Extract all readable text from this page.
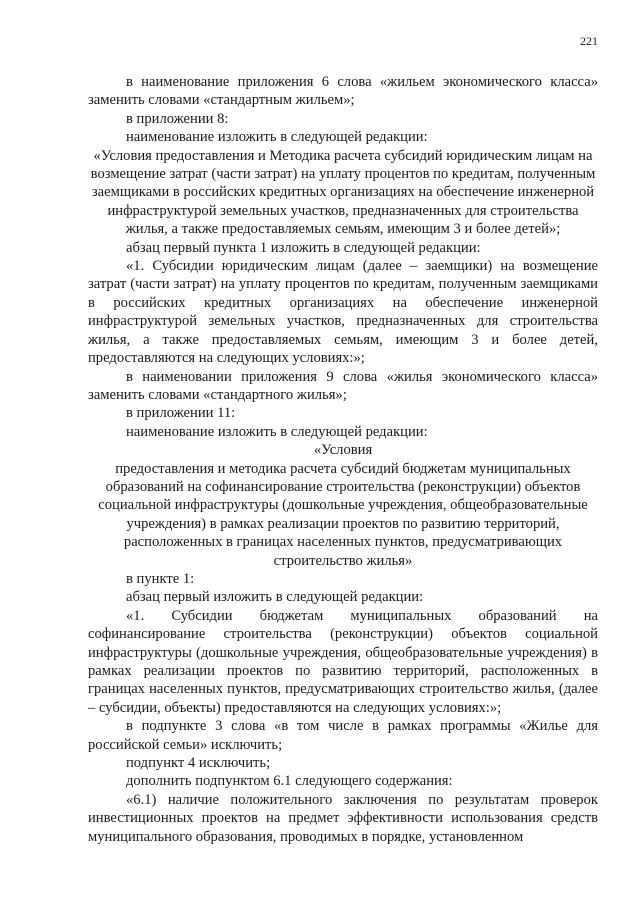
221

в наименование приложения 6 слова «жильем экономического класса» заменить словами «стандартным жильем»;

в приложении 8:

наименование изложить в следующей редакции:

«Условия предоставления и Методика расчета субсидий юридическим лицам на возмещение затрат (части затрат) на уплату процентов по кредитам, полученным заемщиками в российских кредитных организациях на обеспечение инженерной инфраструктурой земельных участков, предназначенных для строительства жилья, а также предоставляемых семьям, имеющим 3 и более детей»;

абзац первый пункта 1 изложить в следующей редакции:

«1. Субсидии юридическим лицам (далее – заемщики) на возмещение затрат (части затрат) на уплату процентов по кредитам, полученным заемщиками в российских кредитных организациях на обеспечение инженерной инфраструктурой земельных участков, предназначенных для строительства жилья, а также предоставляемых семьям, имеющим 3 и более детей, предоставляются на следующих условиях:»;

в наименовании приложения 9 слова «жилья экономического класса» заменить словами «стандартного жилья»;

в приложении 11:

наименование изложить в следующей редакции:

«Условия

предоставления и методика расчета субсидий бюджетам муниципальных образований на софинансирование строительства (реконструкции) объектов социальной инфраструктуры (дошкольные учреждения, общеобразовательные учреждения) в рамках реализации проектов по развитию территорий, расположенных в границах населенных пунктов, предусматривающих строительство жилья»

в пункте 1:

абзац первый изложить в следующей редакции:

«1. Субсидии бюджетам муниципальных образований на софинансирование строительства (реконструкции) объектов социальной инфраструктуры (дошкольные учреждения, общеобразовательные учреждения) в рамках реализации проектов по развитию территорий, расположенных в границах населенных пунктов, предусматривающих строительство жилья, (далее – субсидии, объекты) предоставляются на следующих условиях:»;

в подпункте 3 слова «в том числе в рамках программы «Жилье для российской семьи» исключить;

подпункт 4 исключить;

дополнить подпунктом 6.1 следующего содержания:

«6.1) наличие положительного заключения по результатам проверок инвестиционных проектов на предмет эффективности использования средств муниципального образования, проводимых в порядке, установленном
